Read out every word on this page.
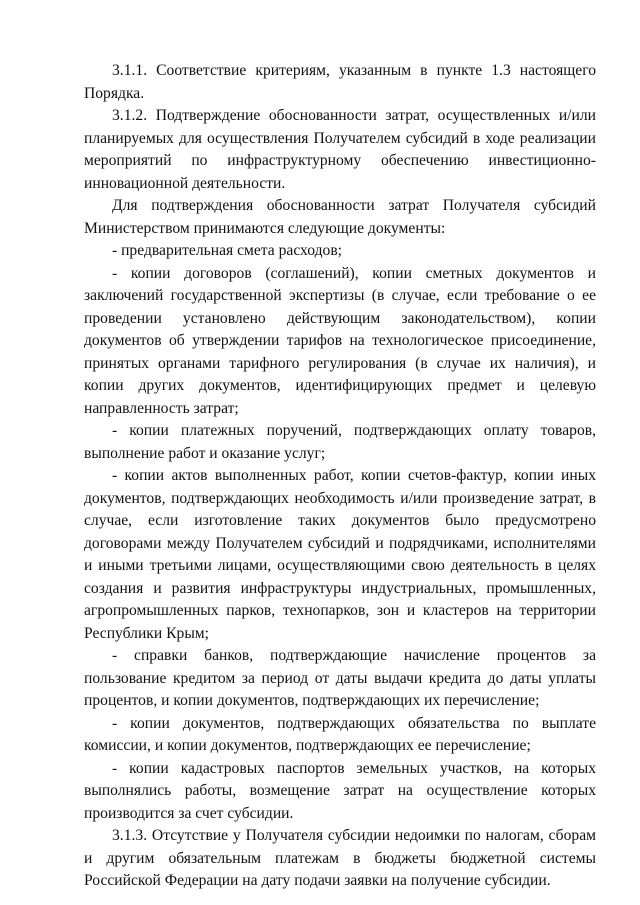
3.1.1. Соответствие критериям, указанным в пункте 1.3 настоящего Порядка.

3.1.2. Подтверждение обоснованности затрат, осуществленных и/или планируемых для осуществления Получателем субсидий в ходе реализации мероприятий по инфраструктурному обеспечению инвестиционно-инновационной деятельности.

Для подтверждения обоснованности затрат Получателя субсидий Министерством принимаются следующие документы:

- предварительная смета расходов;

- копии договоров (соглашений), копии сметных документов и заключений государственной экспертизы (в случае, если требование о ее проведении установлено действующим законодательством), копии документов об утверждении тарифов на технологическое присоединение, принятых органами тарифного регулирования (в случае их наличия), и копии других документов, идентифицирующих предмет и целевую направленность затрат;

- копии платежных поручений, подтверждающих оплату товаров, выполнение работ и оказание услуг;

- копии актов выполненных работ, копии счетов-фактур, копии иных документов, подтверждающих необходимость и/или произведение затрат, в случае, если изготовление таких документов было предусмотрено договорами между Получателем субсидий и подрядчиками, исполнителями и иными третьими лицами, осуществляющими свою деятельность в целях создания и развития инфраструктуры индустриальных, промышленных, агропромышленных парков, технопарков, зон и кластеров на территории Республики Крым;

- справки банков, подтверждающие начисление процентов за пользование кредитом за период от даты выдачи кредита до даты уплаты процентов, и копии документов, подтверждающих их перечисление;

- копии документов, подтверждающих обязательства по выплате комиссии, и копии документов, подтверждающих ее перечисление;

- копии кадастровых паспортов земельных участков, на которых выполнялись работы, возмещение затрат на осуществление которых производится за счет субсидии.

3.1.3. Отсутствие у Получателя субсидии недоимки по налогам, сборам и другим обязательным платежам в бюджеты бюджетной системы Российской Федерации на дату подачи заявки на получение субсидии.
